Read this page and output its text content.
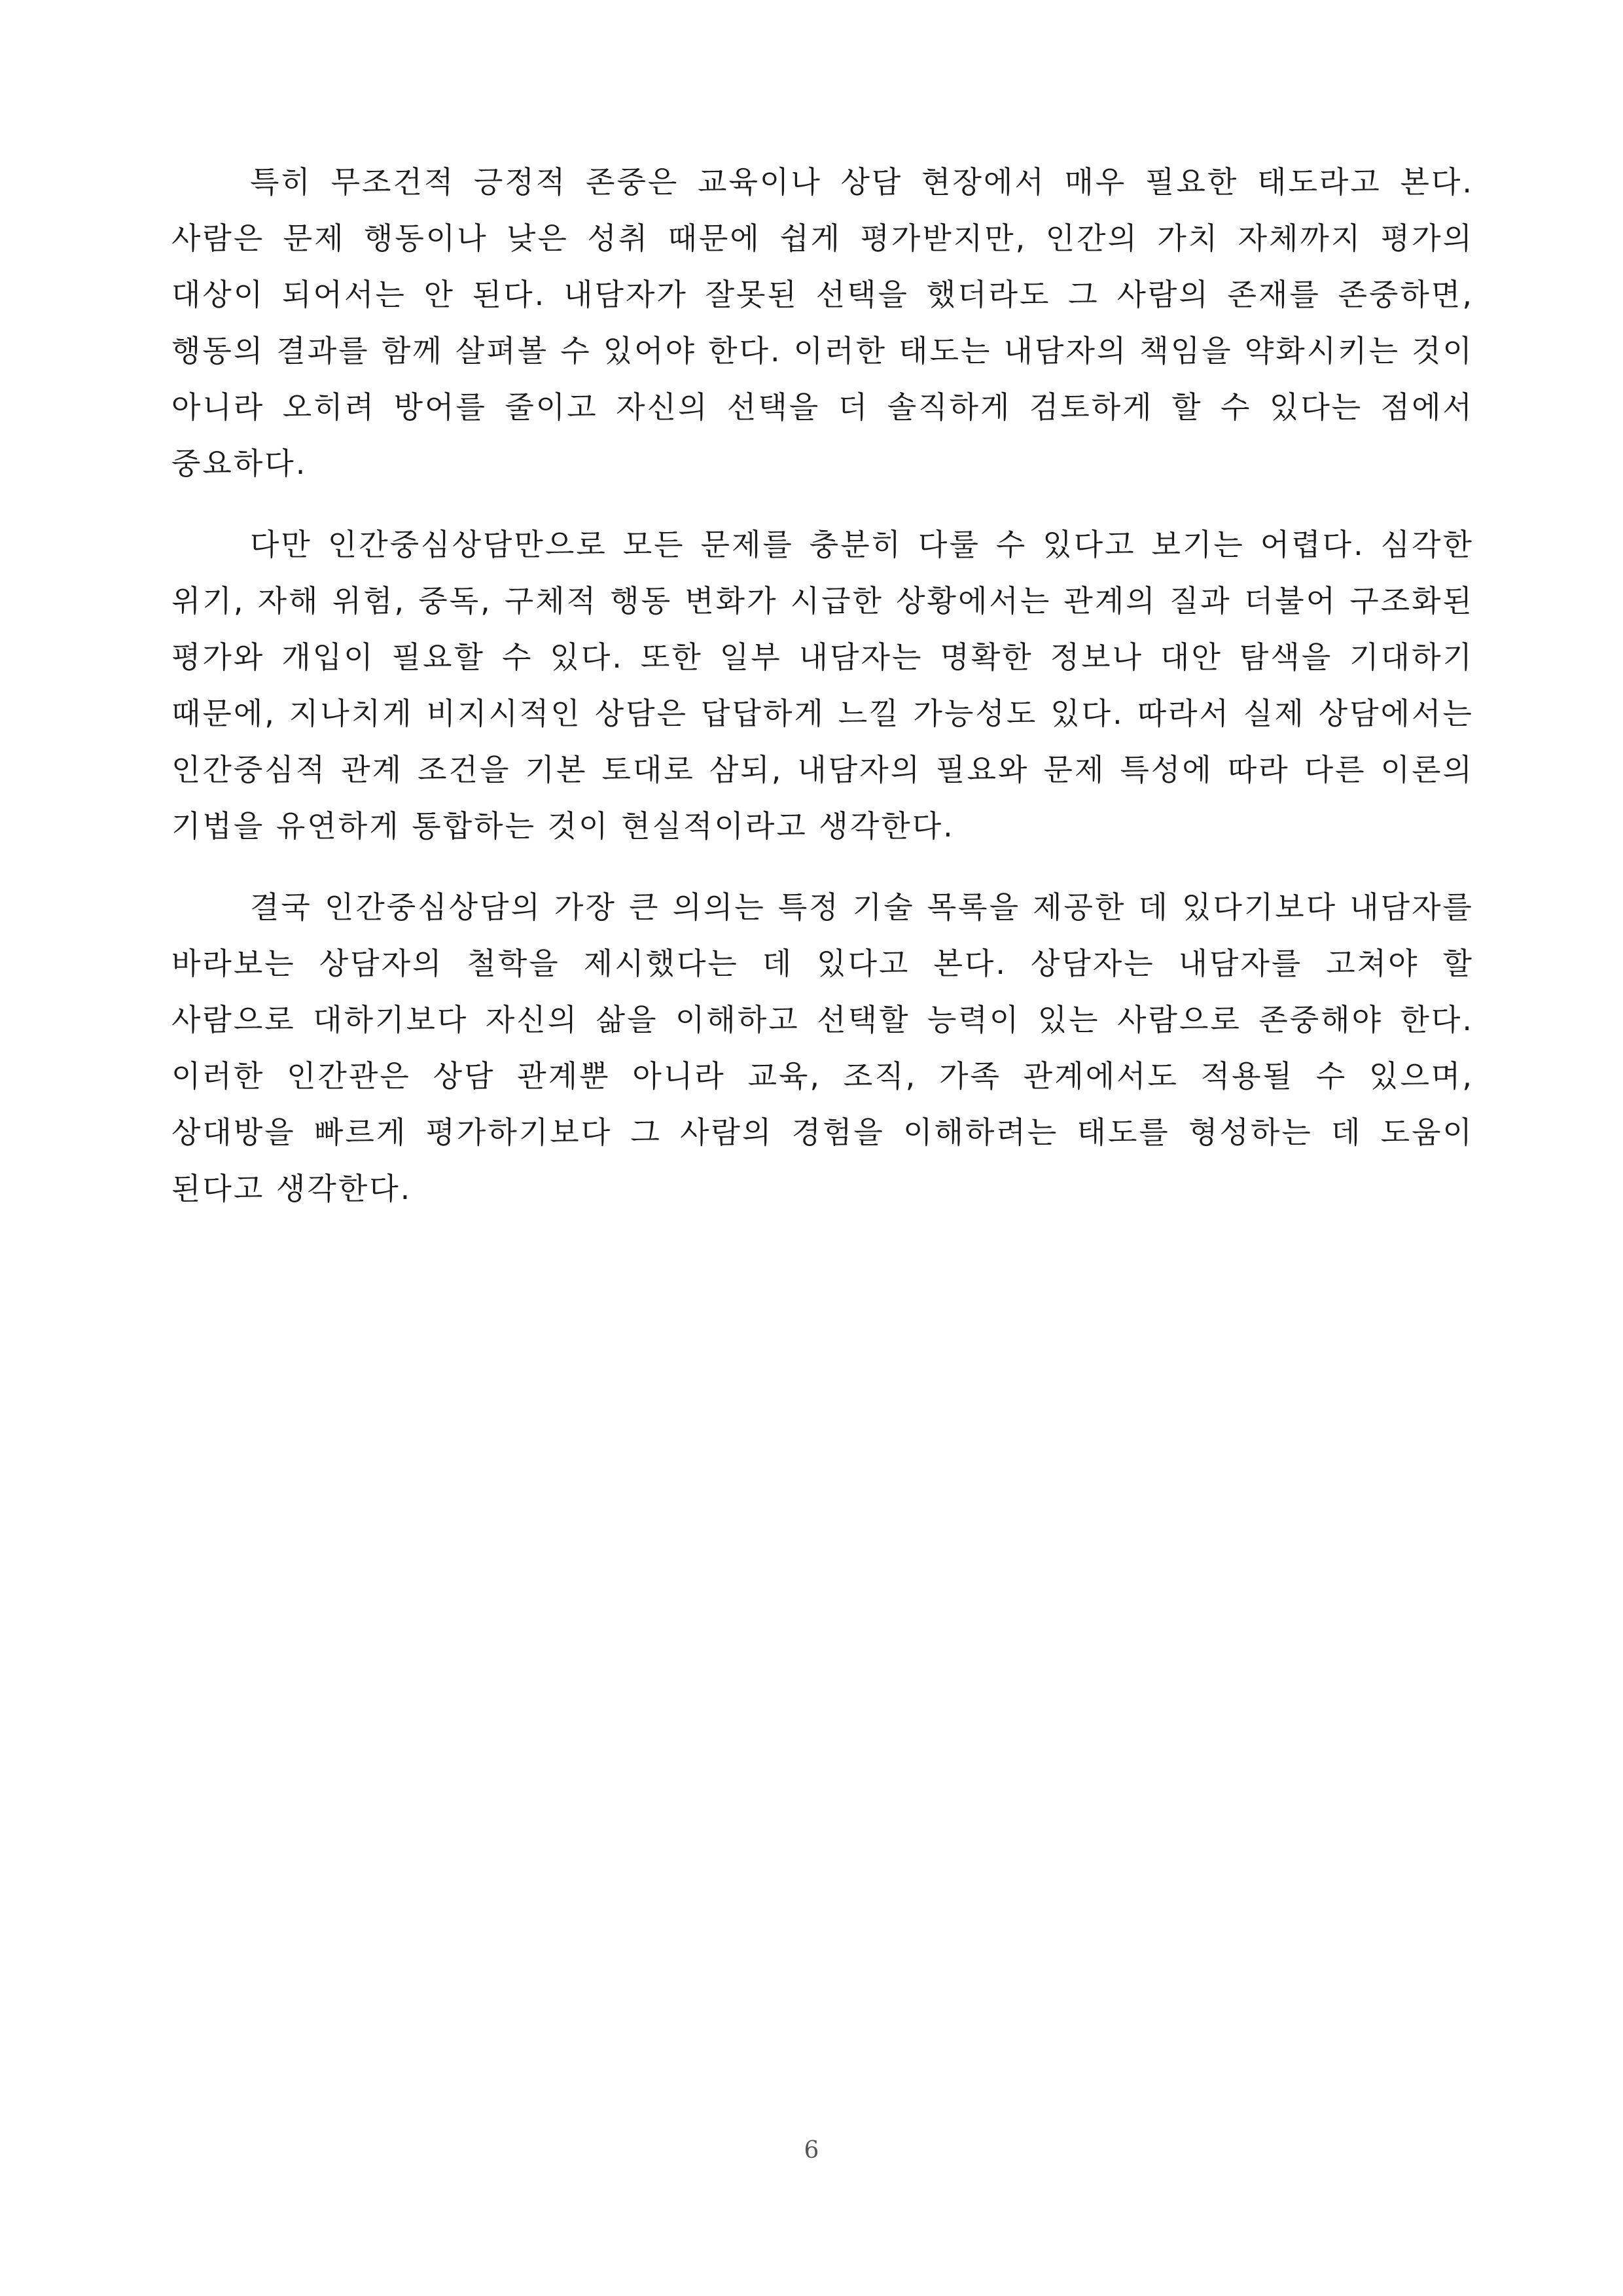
특히 무조건적 긍정적 존중은 교육이나 상담 현장에서 매우 필요한 태도라고 본다. 사람은 문제 행동이나 낮은 성취 때문에 쉽게 평가받지만, 인간의 가치 자체까지 평가의 대상이 되어서는 안 된다. 내담자가 잘못된 선택을 했더라도 그 사람의 존재를 존중하면, 행동의 결과를 함께 살펴볼 수 있어야 한다. 이러한 태도는 내담자의 책임을 약화시키는 것이 아니라 오히려 방어를 줄이고 자신의 선택을 더 솔직하게 검토하게 할 수 있다는 점에서 중요하다.

다만 인간중심상담만으로 모든 문제를 충분히 다룰 수 있다고 보기는 어렵다. 심각한 위기, 자해 위험, 중독, 구체적 행동 변화가 시급한 상황에서는 관계의 질과 더불어 구조화된 평가와 개입이 필요할 수 있다. 또한 일부 내담자는 명확한 정보나 대안 탐색을 기대하기 때문에, 지나치게 비지시적인 상담은 답답하게 느낄 가능성도 있다. 따라서 실제 상담에서는 인간중심적 관계 조건을 기본 토대로 삼되, 내담자의 필요와 문제 특성에 따라 다른 이론의 기법을 유연하게 통합하는 것이 현실적이라고 생각한다.

결국 인간중심상담의 가장 큰 의의는 특정 기술 목록을 제공한 데 있다기보다 내담자를 바라보는 상담자의 철학을 제시했다는 데 있다고 본다. 상담자는 내담자를 고쳐야 할 사람으로 대하기보다 자신의 삶을 이해하고 선택할 능력이 있는 사람으로 존중해야 한다. 이러한 인간관은 상담 관계뿐 아니라 교육, 조직, 가족 관계에서도 적용될 수 있으며, 상대방을 빠르게 평가하기보다 그 사람의 경험을 이해하려는 태도를 형성하는 데 도움이 된다고 생각한다.

6
